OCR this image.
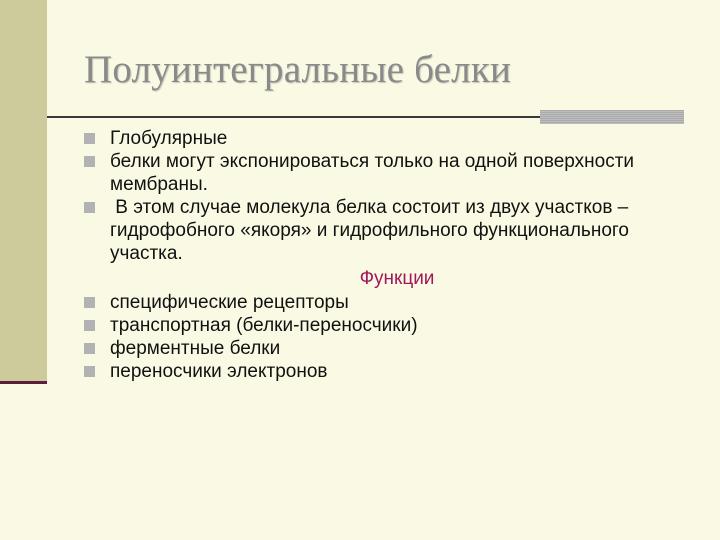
Полуинтегральные белки
Глобулярные
белки могут экспонироваться только на одной поверхности мембраны.
В этом случае молекула белка состоит из двух участков – гидрофобного «якоря» и гидрофильного функционального участка.
Функции
специфические рецепторы
транспортная (белки-переносчики)
ферментные белки
переносчики электронов
